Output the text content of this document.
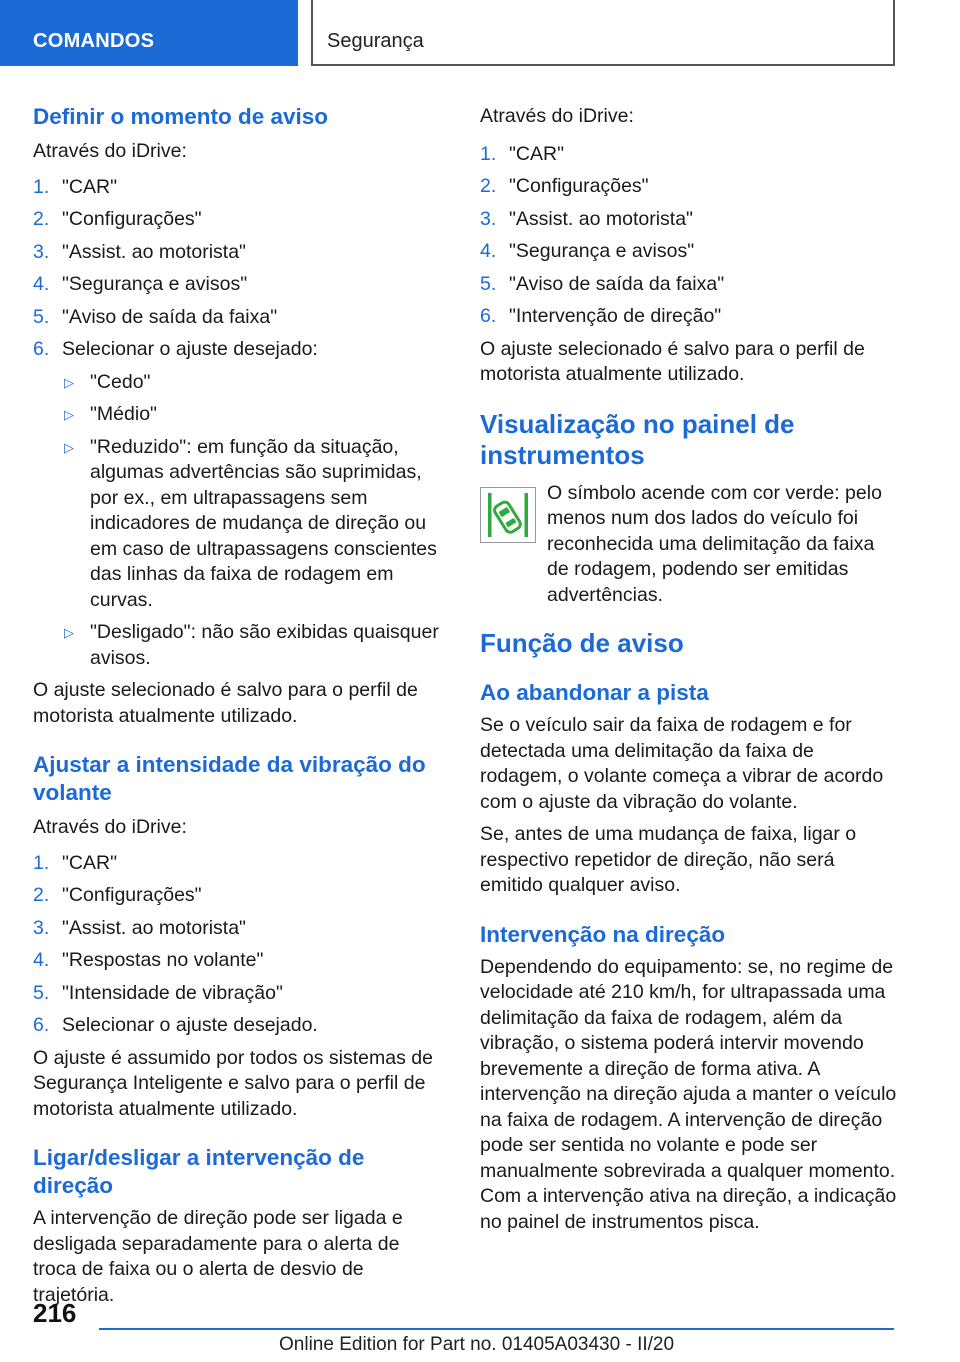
COMANDOS	Segurança
Definir o momento de aviso

Através do iDrive:

1. "CAR"
2. "Configurações"
3. "Assist. ao motorista"
4. "Segurança e avisos"
5. "Aviso de saída da faixa"
6. Selecionar o ajuste desejado:
▷ "Cedo"
▷ "Médio"
▷ "Reduzido": em função da situação, algumas advertências são suprimidas, por ex., em ultrapassagens sem indicadores de mudança de direção ou em caso de ultrapassagens conscientes das linhas da faixa de rodagem em curvas.
▷ "Desligado": não são exibidas quaisquer avisos.

O ajuste selecionado é salvo para o perfil de motorista atualmente utilizado.

Ajustar a intensidade da vibração do volante

Através do iDrive:

1. "CAR"
2. "Configurações"
3. "Assist. ao motorista"
4. "Respostas no volante"
5. "Intensidade de vibração"
6. Selecionar o ajuste desejado.

O ajuste é assumido por todos os sistemas de Segurança Inteligente e salvo para o perfil de motorista atualmente utilizado.

Ligar/desligar a intervenção de direção

A intervenção de direção pode ser ligada e desligada separadamente para o alerta de troca de faixa ou o alerta de desvio de trajetória.

Através do iDrive:

1. "CAR"
2. "Configurações"
3. "Assist. ao motorista"
4. "Segurança e avisos"
5. "Aviso de saída da faixa"
6. "Intervenção de direção"

O ajuste selecionado é salvo para o perfil de motorista atualmente utilizado.

Visualização no painel de instrumentos

O símbolo acende com cor verde: pelo menos num dos lados do veículo foi reconhecida uma delimitação da faixa de rodagem, podendo ser emitidas advertências.

Função de aviso
Ao abandonar a pista

Se o veículo sair da faixa de rodagem e for detectada uma delimitação da faixa de rodagem, o volante começa a vibrar de acordo com o ajuste da vibração do volante.

Se, antes de uma mudança de faixa, ligar o respectivo repetidor de direção, não será emitido qualquer aviso.

Intervenção na direção

Dependendo do equipamento: se, no regime de velocidade até 210 km/h, for ultrapassada uma delimitação da faixa de rodagem, além da vibração, o sistema poderá intervir movendo brevemente a direção de forma ativa. A intervenção na direção ajuda a manter o veículo na faixa de rodagem. A intervenção de direção pode ser sentida no volante e pode ser manualmente sobrevirada a qualquer momento. Com a intervenção ativa na direção, a indicação no painel de instrumentos pisca.

216
Online Edition for Part no. 01405A03430 - II/20
